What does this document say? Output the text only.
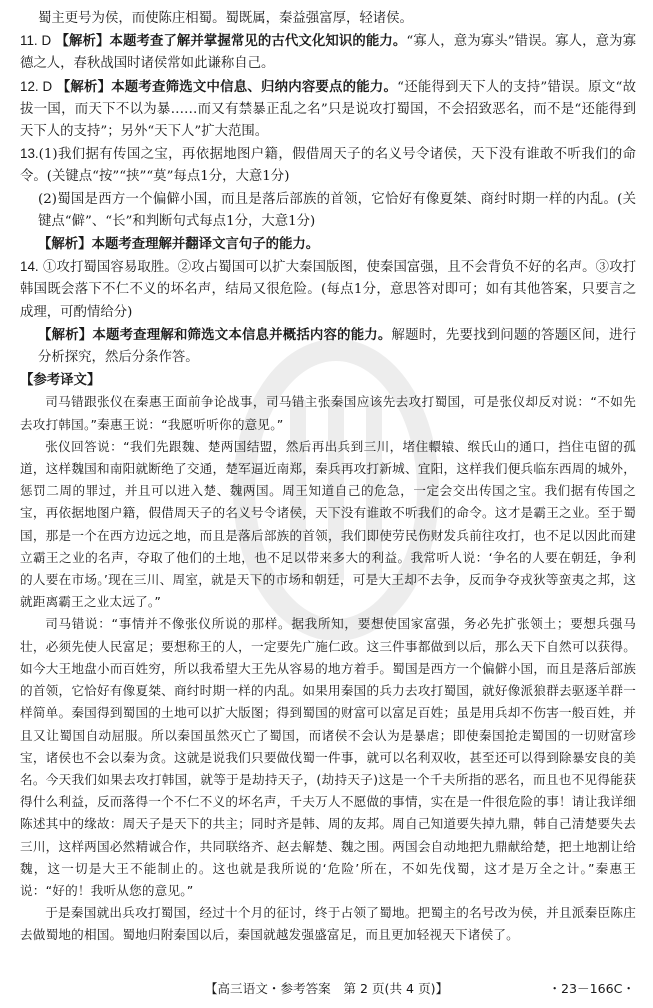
蜀主更号为侯，而使陈庄相蜀。蜀既属，秦益强富厚，轻诸侯。

11. D 【解析】本题考查了解并掌握常见的古代文化知识的能力。“寡人，意为寡头”错误。寡人，意为寡德之人，春秋战国时诸侯常如此谦称自己。

12. D 【解析】本题考查筛选文中信息、归纳内容要点的能力。“还能得到天下人的支持”错误。原文“故拔一国，而天下不以为暴……而又有禁暴正乱之名”只是说攻打蜀国，不会招致恶名，而不是“还能得到天下人的支持”；另外“天下人”扩大范围。

13.(1)我们据有传国之宝，再依据地图户籍，假借周天子的名义号令诸侯，天下没有谁敢不听我们的命令。(关键点“按”“挟”“莫”每点1分，大意1分)

(2)蜀国是西方一个偏僻小国，而且是落后部族的首领，它恰好有像夏桀、商纣时期一样的内乱。(关键点“僻”、“长”和判断句式每点1分，大意1分)

【解析】本题考查理解并翻译文言句子的能力。

14. ①攻打蜀国容易取胜。②攻占蜀国可以扩大秦国版图，使秦国富强，且不会背负不好的名声。③攻打韩国既会落下不仁不义的坏名声，结局又很危险。(每点1分，意思答对即可；如有其他答案，只要言之成理，可酌情给分)

【解析】本题考查理解和筛选文本信息并概括内容的能力。解题时，先要找到问题的答题区间，进行分析探究，然后分条作答。

【参考译文】

司马错跟张仪在秦惠王面前争论战事，司马错主张秦国应该先去攻打蜀国，可是张仪却反对说：“不如先去攻打韩国。”秦惠王说：“我愿听听你的意见。”

张仪回答说：“我们先跟魏、楚两国结盟，然后再出兵到三川，堵住轘辕、缑氏山的通口，挡住屯留的孤道，这样魏国和南阳就断绝了交通，楚军逼近南郑，秦兵再攻打新城、宜阳，这样我们便兵临东西周的城外，惩罚二周的罪过，并且可以进入楚、魏两国。周王知道自己的危急，一定会交出传国之宝。我们据有传国之宝，再依据地图户籍，假借周天子的名义号令诸侯，天下没有谁敢不听我们的命令。这才是霸王之业。至于蜀国，那是一个在西方边远之地，而且是落后部族的首领，我们即使劳民伤财发兵前往攻打，也不足以因此而建立霸王之业的名声，夺取了他们的土地，也不足以带来多大的利益。我常听人说：‘争名的人要在朝廷，争利的人要在市场。’现在三川、周室，就是天下的市场和朝廷，可是大王却不去争，反而争夺戎狄等蛮夷之邦，这就距离霸王之业太远了。”

司马错说：“事情并不像张仪所说的那样。据我所知，要想使国家富强，务必先扩张领土；要想兵强马壮，必须先使人民富足；要想称王的人，一定要先广施仁政。这三件事都做到以后，那么天下自然可以获得。如今大王地盘小而百姓穷，所以我希望大王先从容易的地方着手。蜀国是西方一个偏僻小国，而且是落后部族的首领，它恰好有像夏桀、商纣时期一样的内乱。如果用秦国的兵力去攻打蜀国，就好像派狼群去驱逐羊群一样简单。秦国得到蜀国的土地可以扩大版图；得到蜀国的财富可以富足百姓；虽是用兵却不伤害一般百姓，并且又让蜀国自动屈服。所以秦国虽然灭亡了蜀国，而诸侯不会认为是暴虐；即使秦国抢走蜀国的一切财富珍宝，诸侯也不会以秦为贪。这就是说我们只要做伐蜀一件事，就可以名利双收，甚至还可以得到除暴安良的美名。今天我们如果去攻打韩国，就等于是劫持天子，(劫持天子)这是一个千夫所指的恶名，而且也不见得能获得什么利益，反而落得一个不仁不义的坏名声，千夫万人不愿做的事情，实在是一件很危险的事！请让我详细陈述其中的缘故：周天子是天下的共主；同时齐是韩、周的友邦。周自己知道要失掉九鼎，韩自己清楚要失去三川，这样两国必然精诚合作，共同联络齐、赵去解楚、魏之围。两国会自动地把九鼎献给楚，把土地割让给魏，这一切是大王不能制止的。这也就是我所说的‘危险’所在，不如先伐蜀，这才是万全之计。”秦惠王说：“好的！我听从您的意见。”

于是秦国就出兵攻打蜀国，经过十个月的征讨，终于占领了蜀地。把蜀主的名号改为侯，并且派秦臣陈庄去做蜀地的相国。蜀地归附秦国以后，秦国就越发强盛富足，而且更加轻视天下诸侯了。

【高三语文・参考答案　第 2 页(共 4 页)】	・23－166C・
